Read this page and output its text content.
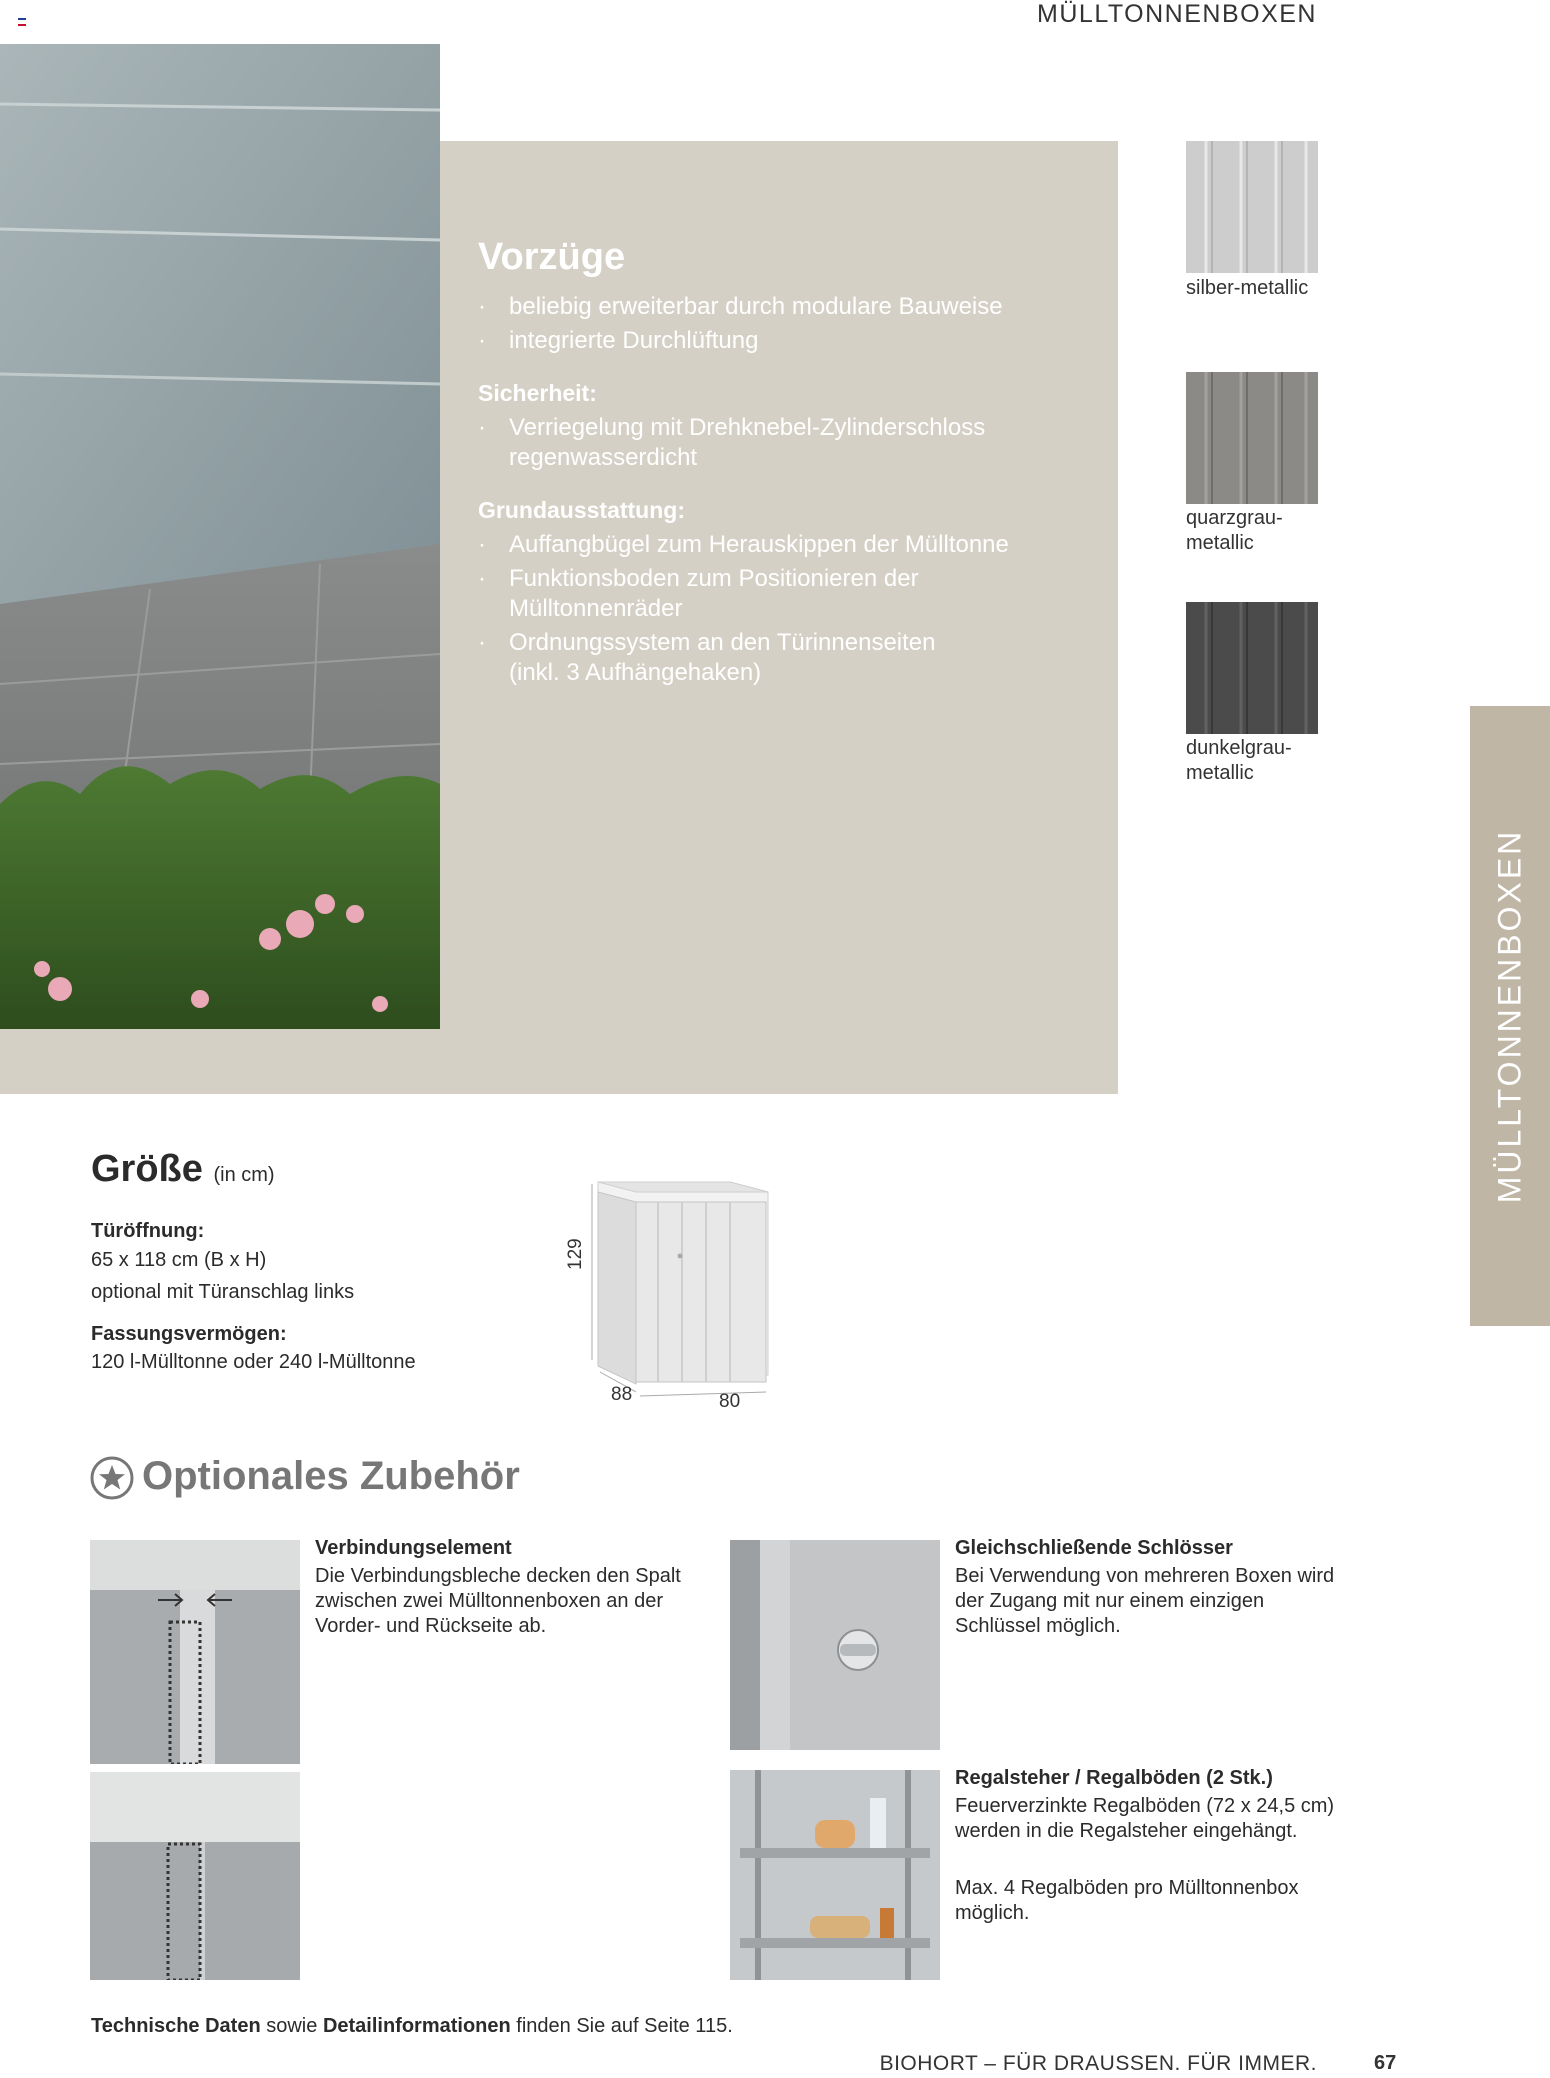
MÜLLTONNENBOXEN
Vorzüge
· beliebig erweiterbar durch modulare Bauweise
· integrierte Durchlüftung
Sicherheit:
· Verriegelung mit Drehknebel-Zylinderschloss
regenwasserdicht
Grundausstattung:
· Auffangbügel zum Herauskippen der Mülltonne
· Funktionsboden zum Positionieren der Mülltonnenräder
· Ordnungssystem an den Türinnenseiten (inkl. 3 Aufhängehaken)
silber-metallic
quarzgrau-
metallic
dunkelgrau-
metallic
MÜLLTONNENBOXEN
Größe (in cm)
Türöffnung:
65 x 118 cm (B x H)
optional mit Türanschlag links
Fassungsvermögen:
120 l-Mülltonne oder 240 l-Mülltonne
129
88	80
Optionales Zubehör
Verbindungselement
Die Verbindungsbleche decken den Spalt zwischen zwei Mülltonnenboxen an der Vorder- und Rückseite ab.
Gleichschließende Schlösser
Bei Verwendung von mehreren Boxen wird der Zugang mit nur einem einzigen Schlüssel möglich.
Regalsteher / Regalböden (2 Stk.)
Feuerverzinkte Regalböden (72 x 24,5 cm) werden in die Regalsteher eingehängt.
Max. 4 Regalböden pro Mülltonnenbox möglich.
Technische Daten sowie Detailinformationen finden Sie auf Seite 115.
BIOHORT – FÜR DRAUSSEN. FÜR IMMER.	67
